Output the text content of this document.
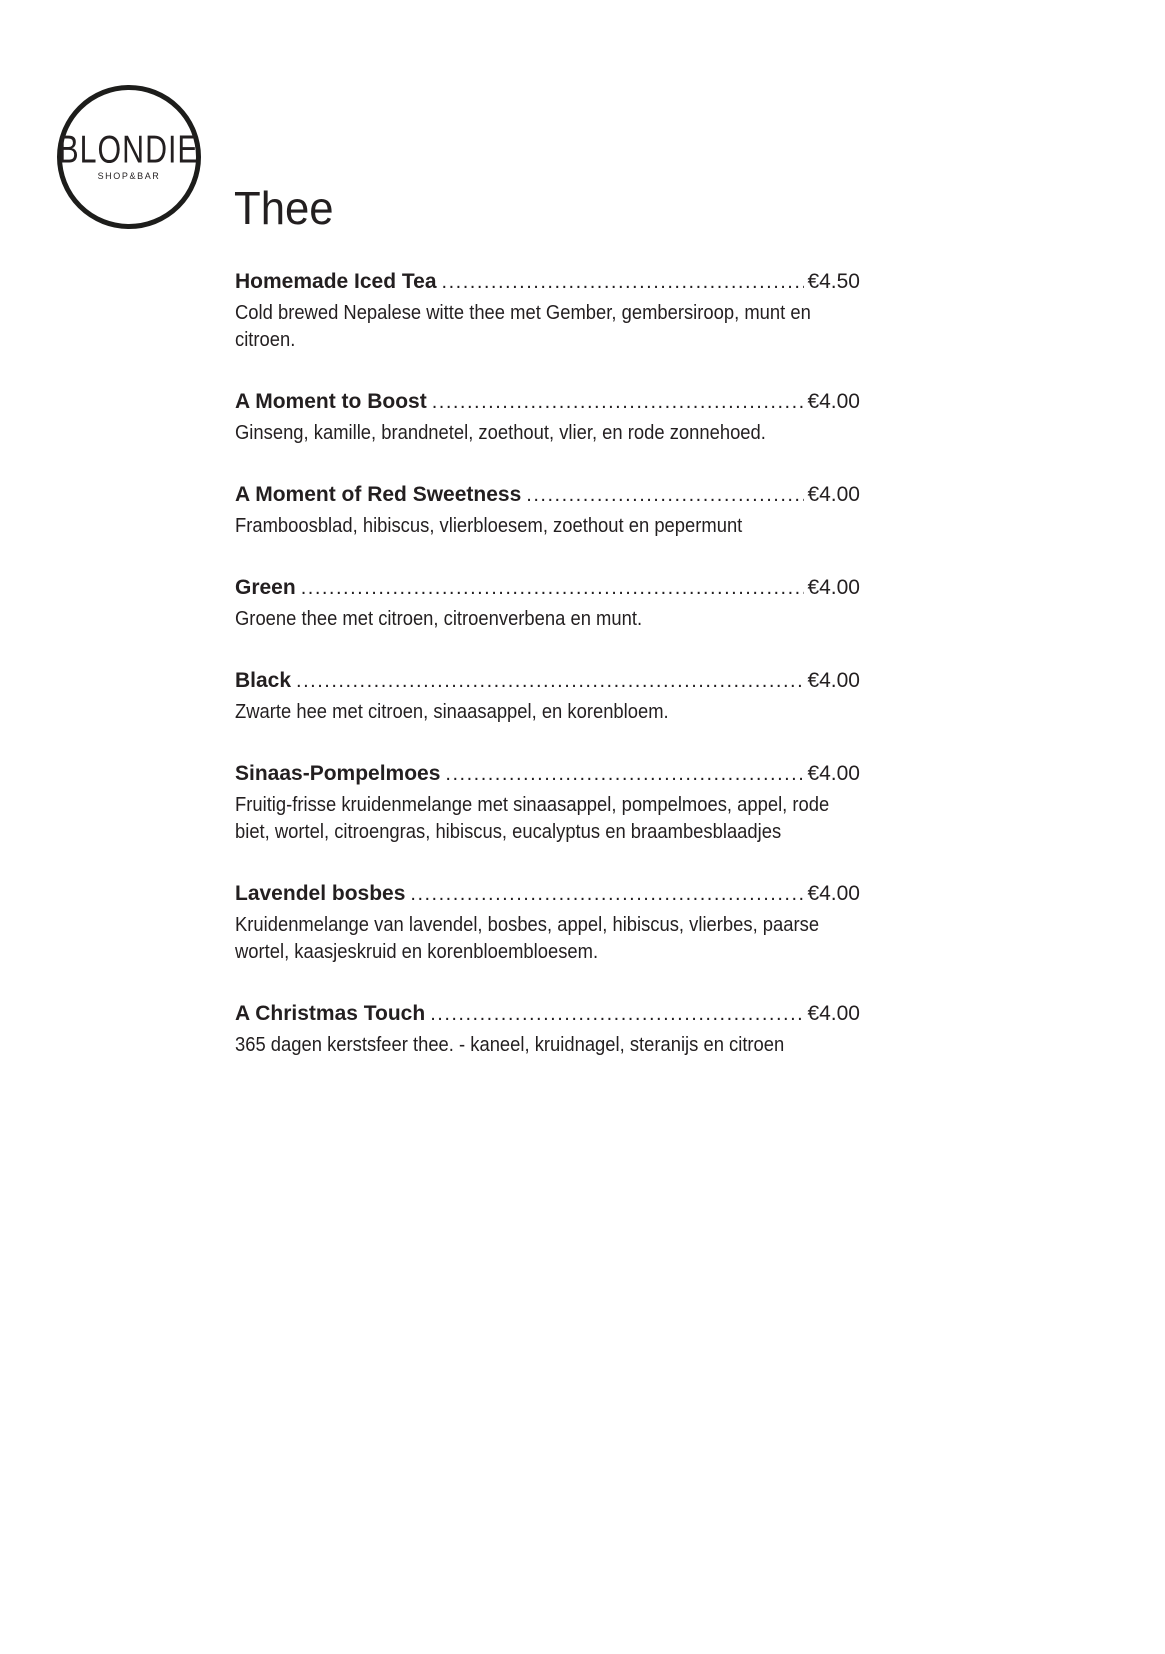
BLONDIE
SHOP&BAR
Thee
Homemade Iced Tea .....	€4.50
Cold brewed Nepalese witte thee met Gember, gembersiroop, munt en citroen.
A Moment to Boost .....	€4.00
Ginseng, kamille, brandnetel, zoethout, vlier, en rode zonnehoed.
A Moment of Red Sweetness .....	€4.00
Framboosblad, hibiscus, vlierbloesem, zoethout en pepermunt
Green .....	€4.00
Groene thee met citroen, citroenverbena en munt.
Black .....	€4.00
Zwarte hee met citroen, sinaasappel, en korenbloem.
Sinaas-Pompelmoes .....	€4.00
Fruitig-frisse kruidenmelange met sinaasappel, pompelmoes, appel, rode biet, wortel, citroengras, hibiscus, eucalyptus en braambesblaadjes
Lavendel bosbes .....	€4.00
Kruidenmelange van lavendel, bosbes, appel, hibiscus, vlierbes, paarse wortel, kaasjeskruid en korenbloembloesem.
A Christmas Touch .....	€4.00
365 dagen kerstsfeer thee. - kaneel, kruidnagel, steranijs en citroen
